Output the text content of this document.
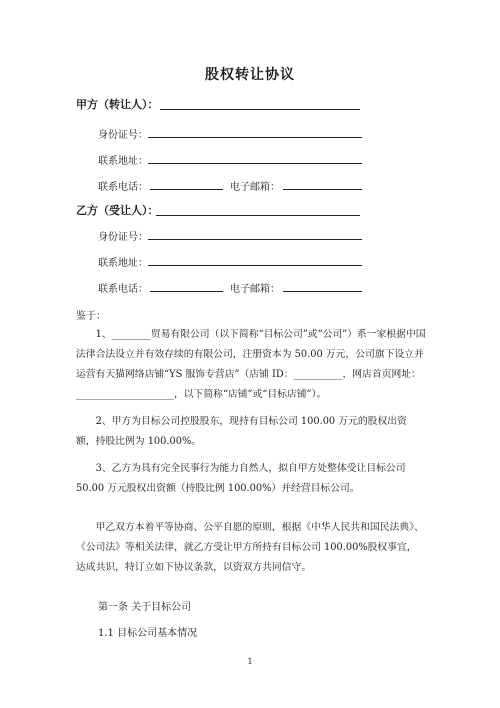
股权转让协议
甲方（转让人）：
身份证号：
联系地址：
联系电话：	电子邮箱：
乙方（受让人）：
身份证号：
联系地址：
联系电话：	电子邮箱：
鉴于：
1、________贸易有限公司（以下简称“目标公司”或“公司”）系一家根据中国法律合法设立并有效存续的有限公司，注册资本为 50.00 万元，公司旗下设立并运营有天猫网络店铺“YS 服饰专营店”（店铺 ID：__________，网店首页网址：____________________，以下简称“店铺”或“目标店铺”）。
2、甲方为目标公司控股股东，现持有目标公司 100.00 万元的股权出资额，持股比例为 100.00%。
3、乙方为具有完全民事行为能力自然人，拟自甲方处整体受让目标公司 50.00 万元股权出资额（持股比例 100.00%）并经营目标公司。
甲乙双方本着平等协商、公平自愿的原则，根据《中华人民共和国民法典》、《公司法》等相关法律，就乙方受让甲方所持有目标公司 100.00%股权事宜，达成共识，特订立如下协议条款，以资双方共同信守。
第一条 关于目标公司
1.1 目标公司基本情况
1
